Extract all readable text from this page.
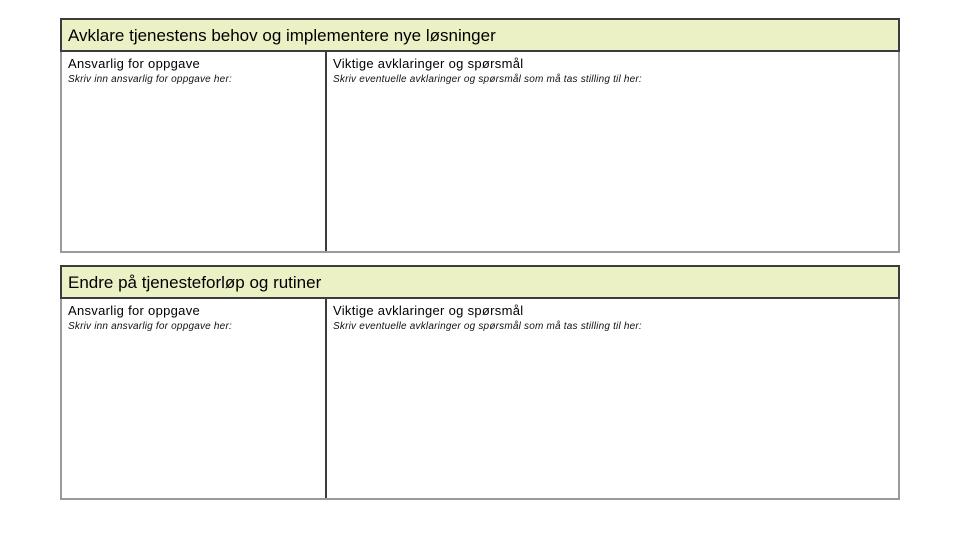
Avklare tjenestens behov og implementere nye løsninger
Ansvarlig for oppgave
Skriv inn ansvarlig for oppgave her:
Viktige avklaringer og spørsmål
Skriv eventuelle avklaringer og spørsmål som må tas stilling til her:
Endre på tjenesteforløp og rutiner
Ansvarlig for oppgave
Skriv inn ansvarlig for oppgave her:
Viktige avklaringer og spørsmål
Skriv eventuelle avklaringer og spørsmål som må tas stilling til her:
